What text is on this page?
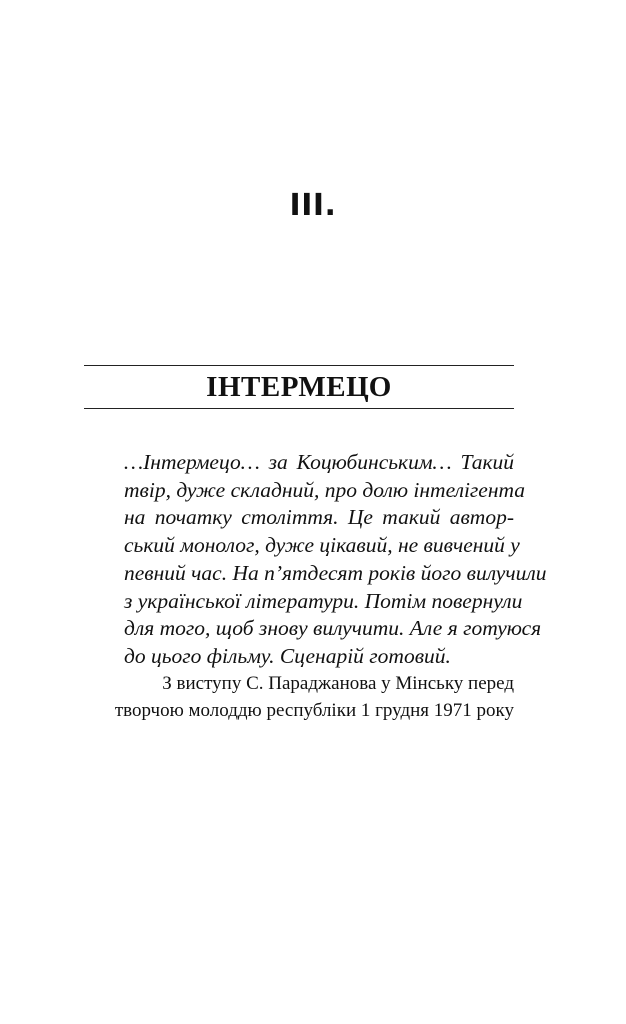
III.
ІНТЕРМЕЦО

…Інтермецо… за Коцюбинським… Такий
твір, дуже складний, про долю інтелігента
на початку століття. Це такий автор-
ський монолог, дуже цікавий, не вивчений у
певний час. На п’ятдесят років його вилучили
з української літератури. Потім повернули
для того, щоб знову вилучити. Але я готуюся
до цього фільму. Сценарій готовий.

З виступу С. Параджанова у Мінську перед
творчою молоддю республіки 1 грудня 1971 року
